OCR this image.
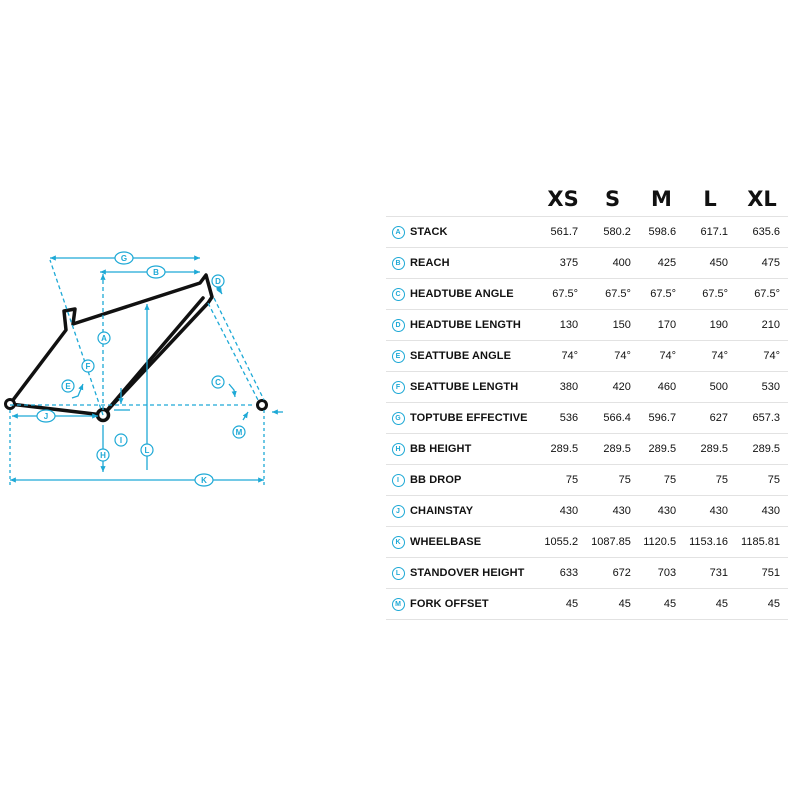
A
B
C
D
E
F
G
H
I
J
K
L
M
		XS	S	M	L	XL
A	STACK	561.7	580.2	598.6	617.1	635.6
B	REACH	375	400	425	450	475
C	HEADTUBE ANGLE	67.5°	67.5°	67.5°	67.5°	67.5°
D	HEADTUBE LENGTH	130	150	170	190	210
E	SEATTUBE ANGLE	74°	74°	74°	74°	74°
F	SEATTUBE LENGTH	380	420	460	500	530
G	TOPTUBE EFFECTIVE	536	566.4	596.7	627	657.3
H	BB HEIGHT	289.5	289.5	289.5	289.5	289.5
I	BB DROP	75	75	75	75	75
J	CHAINSTAY	430	430	430	430	430
K	WHEELBASE	1055.2	1087.85	1120.5	1153.16	1185.81
L	STANDOVER HEIGHT	633	672	703	731	751
M	FORK OFFSET	45	45	45	45	45
